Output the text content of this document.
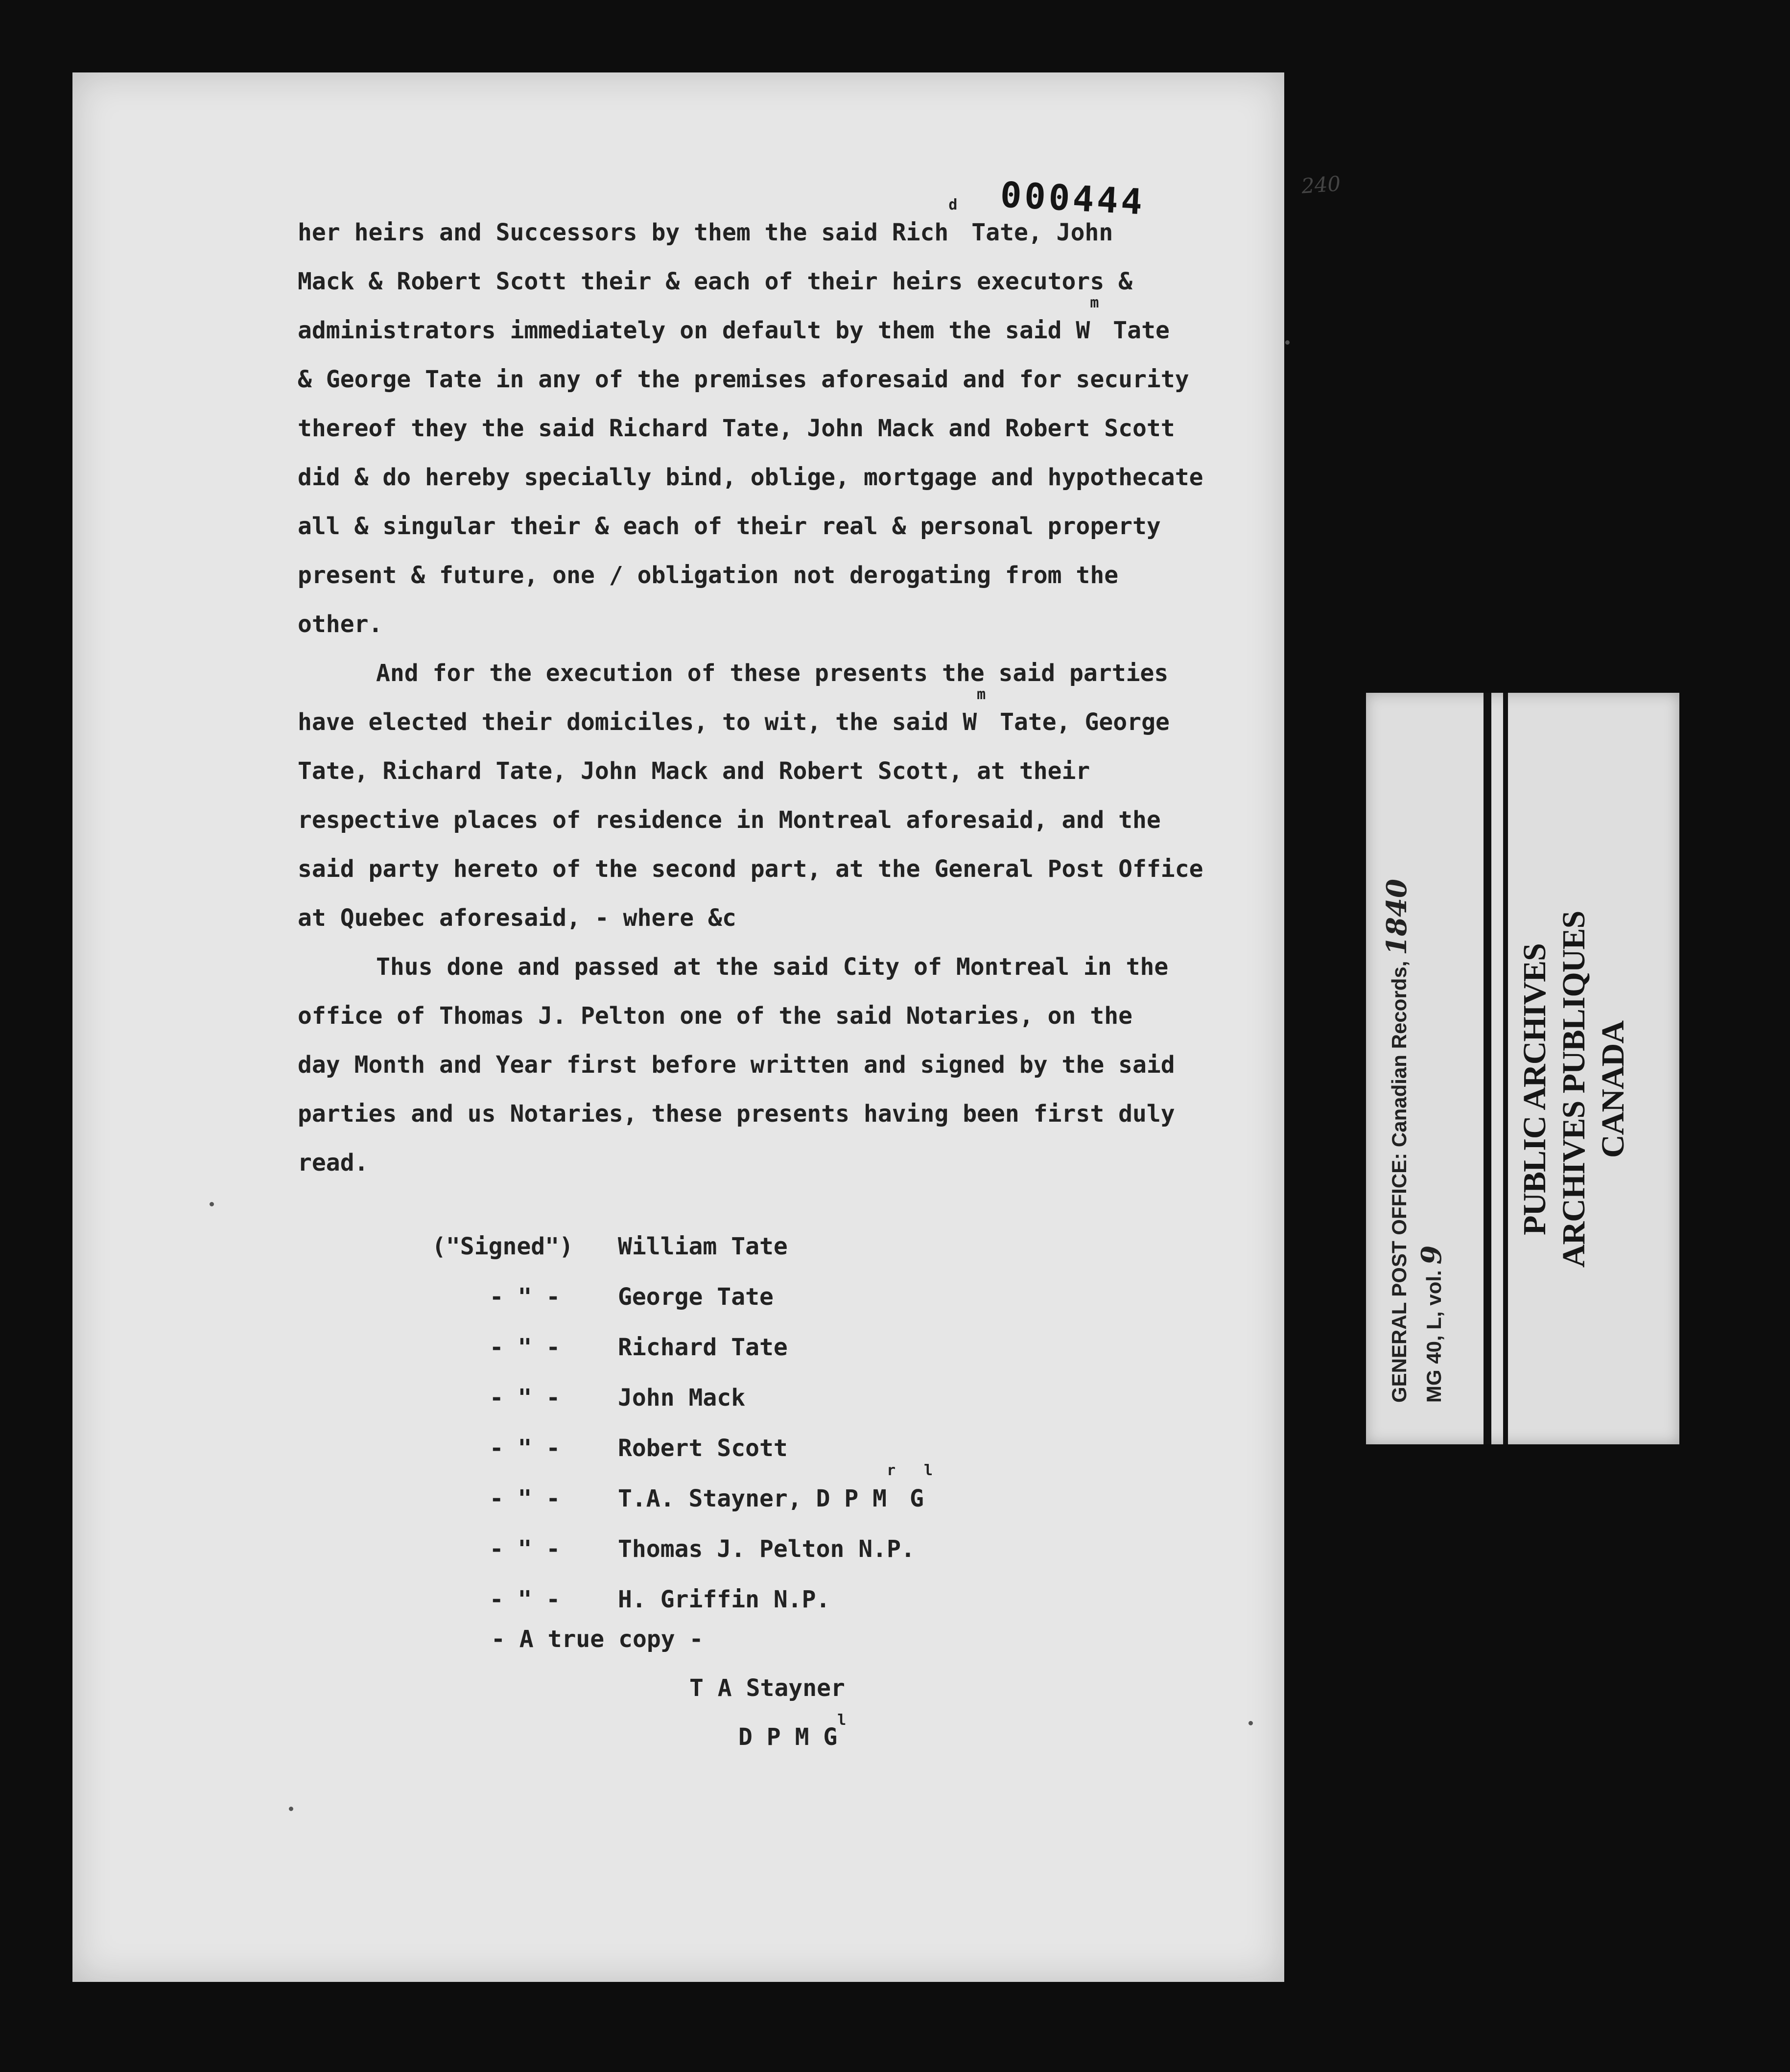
240
000444
her heirs and Successors by them the said Rich$^d$ Tate, John
Mack & Robert Scott their & each of their heirs executors &
administrators immediately on default by them the said $W^m$ Tate
& George Tate in any of the premises aforesaid and for security
thereof they the said Richard Tate, John Mack and Robert Scott
did & do hereby specially bind, oblige, mortgage and hypothecate
all & singular their & each of their real & personal property
present & future, one / obligation not derogating from the
other.
And for the execution of these presents the said parties
have elected their domiciles, to wit, the said $W^m$ Tate, George
Tate, Richard Tate, John Mack and Robert Scott, at their
respective places of residence in Montreal aforesaid, and the
said party hereto of the second part, at the General Post Office
at Quebec aforesaid, - where &c
Thus done and passed at the said City of Montreal in the
office of Thomas J. Pelton one of the said Notaries, on the
day Month and Year first before written and signed by the said
parties and us Notaries, these presents having been first duly
read.
("Signed") William Tate
- " - George Tate
- " - Richard Tate
- " - John Mack
- " - Robert Scott
- " - T.A. Stayner, D P $M^r$ $G^l$
- " - Thomas J. Pelton N.P.
- " - H. Griffin N.P.
- A true copy -
T A Stayner
D P M $G^l$
GENERAL POST OFFICE: Canadian Records, 1840
MG 40, L, vol. 9
PUBLIC ARCHIVES ARCHIVES PUBLIQUES CANADA
